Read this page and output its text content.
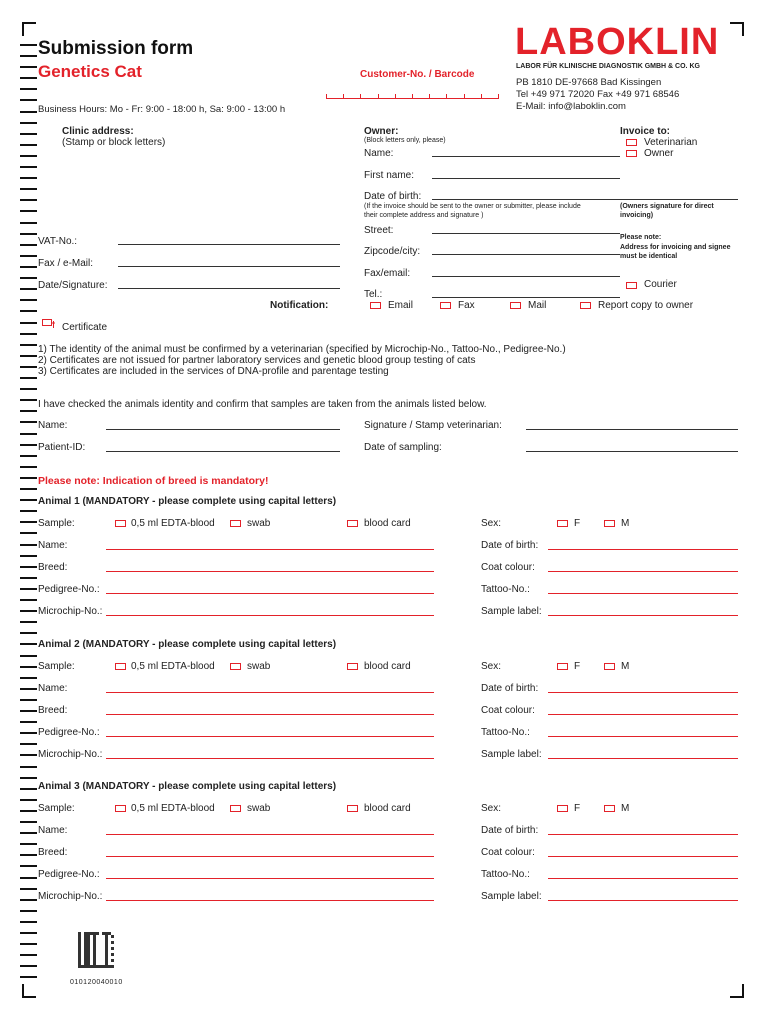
Submission form
Genetics Cat	Customer-No. / Barcode
Business Hours: Mo - Fr: 9:00 - 18:00 h, Sa: 9:00 - 13:00 h
LABOKLIN
LABOR FÜR KLINISCHE DIAGNOSTIK GMBH & CO. KG
PB 1810 DE-97668 Bad Kissingen
Tel +49 971 72020 Fax +49 971 68546
E-Mail: info@laboklin.com
Clinic address:
(Stamp or block letters)
VAT-No.:
Fax / e-Mail:
Date/Signature:
Owner:
(Block letters only, please)
Name:
First name:
Date of birth:
(If the invoice should be sent to the owner or submitter, please include their complete address and signature )
Street:
Zipcode/city:
Fax/email:
Tel.:
Invoice to:
Veterinarian
Owner
(Owners signature for direct invoicing)
Please note:
Address for invoicing and signee must be identical
Courier
Notification:	Email	Fax	Mail	Report copy to owner
Certificate
1) The identity of the animal must be confirmed by a veterinarian (specified by Microchip-No., Tattoo-No., Pedigree-No.)
2) Certificates are not issued for partner laboratory services and genetic blood group testing of cats
3) Certificates are included in the services of DNA-profile and parentage testing
I have checked the animals identity and confirm that samples are taken from the animals listed below.
Name:	Signature / Stamp veterinarian:
Patient-ID:	Date of sampling:
Please note: Indication of breed is mandatory!
Animal 1 (MANDATORY - please complete using capital letters)
Sample:	0,5 ml EDTA-blood	swab	blood card	Sex:	F	M
Name:	Date of birth:
Breed:	Coat colour:
Pedigree-No.:	Tattoo-No.:
Microchip-No.:	Sample label:
Animal 2 (MANDATORY - please complete using capital letters)
Sample:	0,5 ml EDTA-blood	swab	blood card	Sex:	F	M
Name:	Date of birth:
Breed:	Coat colour:
Pedigree-No.:	Tattoo-No.:
Microchip-No.:	Sample label:
Animal 3 (MANDATORY - please complete using capital letters)
Sample:	0,5 ml EDTA-blood	swab	blood card	Sex:	F	M
Name:	Date of birth:
Breed:	Coat colour:
Pedigree-No.:	Tattoo-No.:
Microchip-No.:	Sample label:
010120040010
